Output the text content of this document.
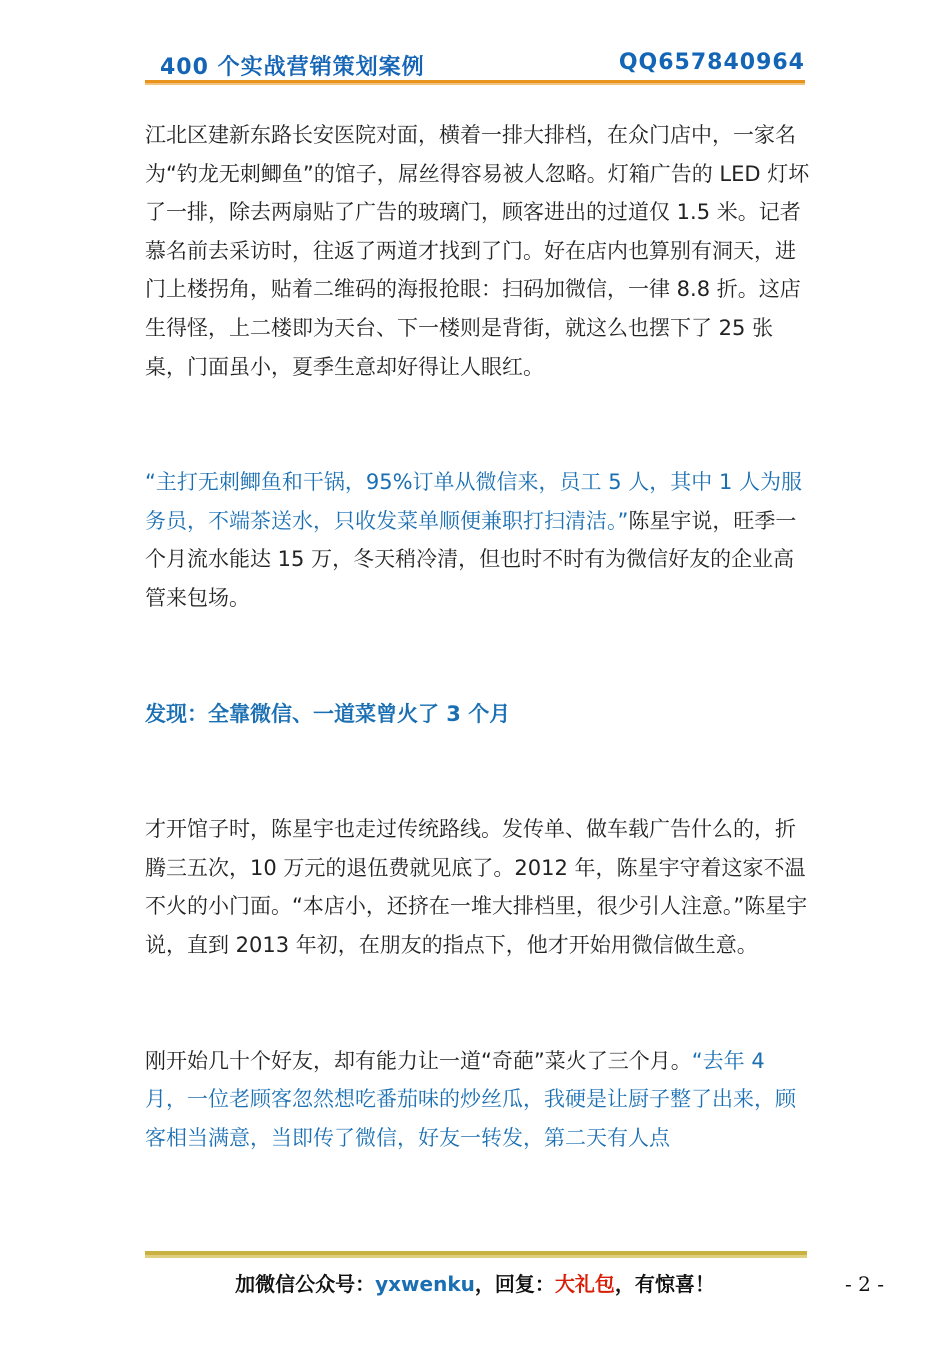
400 个实战营销策划案例	QQ657840964

江北区建新东路长安医院对面，横着一排大排档，在众门店中，一家名为“钓龙无刺鲫鱼”的馆子，屌丝得容易被人忽略。灯箱广告的 LED 灯坏了一排，除去两扇贴了广告的玻璃门，顾客进出的过道仅 1.5 米。记者慕名前去采访时，往返了两道才找到了门。好在店内也算别有洞天，进门上楼拐角，贴着二维码的海报抢眼：扫码加微信，一律 8.8 折。这店生得怪，上二楼即为天台、下一楼则是背街，就这么也摆下了 25 张桌，门面虽小，夏季生意却好得让人眼红。

“主打无刺鲫鱼和干锅，95%订单从微信来，员工 5 人，其中 1 人为服务员，不端茶送水，只收发菜单顺便兼职打扫清洁。”陈星宇说，旺季一个月流水能达 15 万，冬天稍冷清，但也时不时有为微信好友的企业高管来包场。

发现：全靠微信、一道菜曾火了 3 个月

才开馆子时，陈星宇也走过传统路线。发传单、做车载广告什么的，折腾三五次，10 万元的退伍费就见底了。2012 年，陈星宇守着这家不温不火的小门面。“本店小，还挤在一堆大排档里，很少引人注意。”陈星宇说，直到 2013 年初，在朋友的指点下，他才开始用微信做生意。

刚开始几十个好友，却有能力让一道“奇葩”菜火了三个月。“去年 4 月，一位老顾客忽然想吃番茄味的炒丝瓜，我硬是让厨子整了出来，顾客相当满意，当即传了微信，好友一转发，第二天有人点

加微信公众号：yxwenku，回复：大礼包，有惊喜！	- 2 -
